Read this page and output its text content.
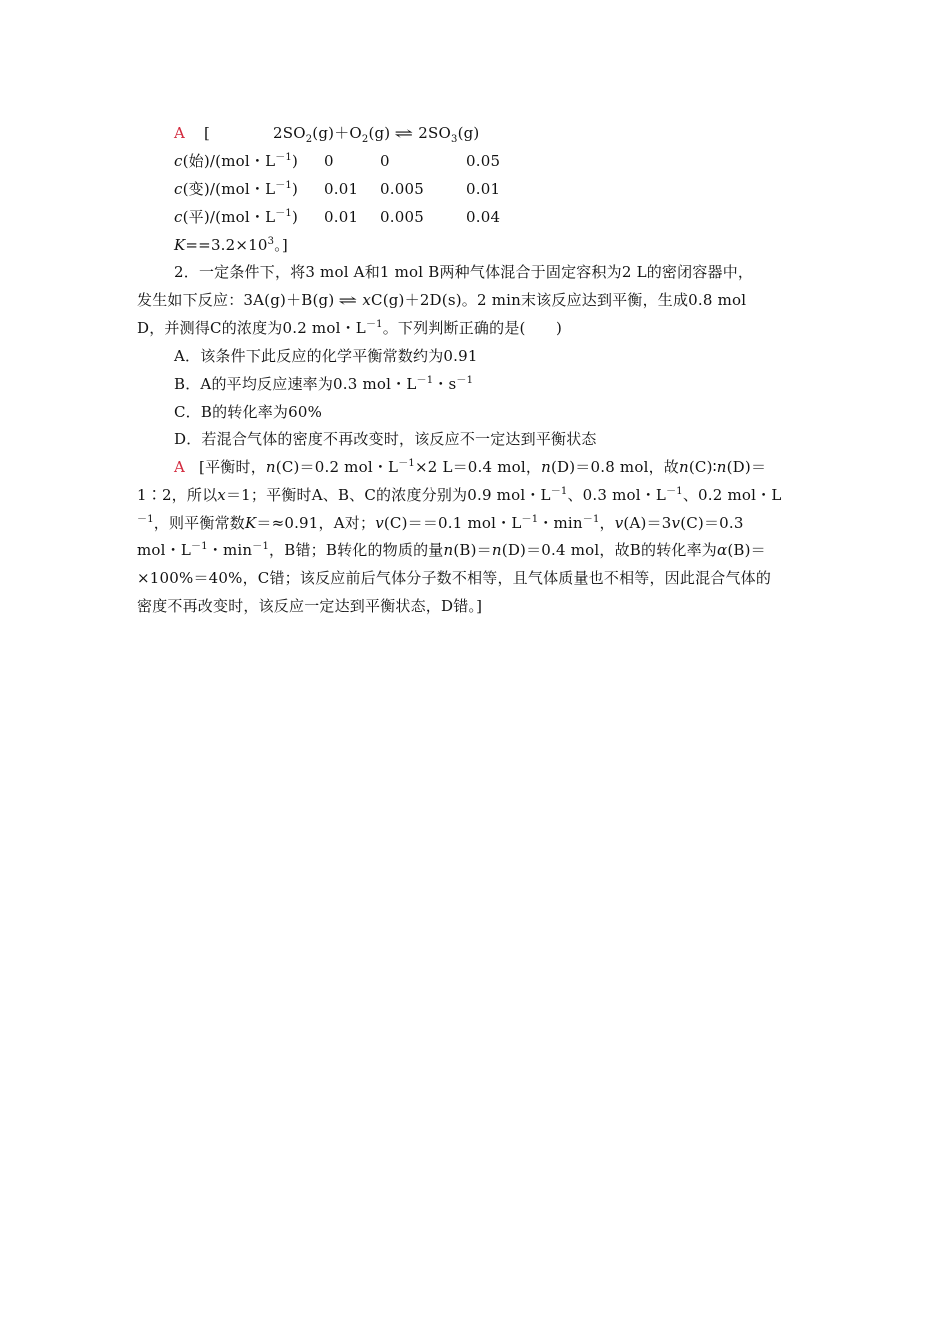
A [	$2SO_2(g)+O_2(g)$ ⇌ $2SO_3(g)$
c(始)/(mol・$L^{-1}$) 0	0	0.05
c(变)/(mol・$L^{-1}$) 0.01 0.005	0.01
c(平)/(mol・$L^{-1}$) 0.01 0.005	0.04
$K==3.2\times 10^3$。]
2．一定条件下，将3 mol A和1 mol B两种气体混合于固定容积为2 L的密闭容器中，
发生如下反应：3A(g)＋B(g) ⇌ xC(g)＋2D(s)。2 min末该反应达到平衡，生成0.8 mol
D，并测得C的浓度为0.2 mol・$L^{-1}$。下列判断正确的是(　　)
A．该条件下此反应的化学平衡常数约为0.91
B．A的平均反应速率为0.3 mol・$L^{-1}$・$s^{-1}$
C．B的转化率为60%
D．若混合气体的密度不再改变时，该反应不一定达到平衡状态
A [平衡时，n(C)＝0.2 mol・$L^{-1}\times 2$ L＝0.4 mol，n(D)＝0.8 mol，故n(C)∶n(D)＝
1∶2，所以x＝1；平衡时A、B、C的浓度分别为0.9 mol・$L^{-1}$、0.3 mol・$L^{-1}$、0.2 mol・L
$^{-1}$，则平衡常数K＝≈0.91，A对；v(C)＝＝0.1 mol・$L^{-1}$・$\min^{-1}$，v(A)＝3v(C)＝0.3
mol・$L^{-1}$・$\min^{-1}$，B错；B转化的物质的量n(B)＝n(D)＝0.4 mol，故B的转化率为α(B)＝
×100%＝40%，C错；该反应前后气体分子数不相等，且气体质量也不相等，因此混合气体的
密度不再改变时，该反应一定达到平衡状态，D错。]
